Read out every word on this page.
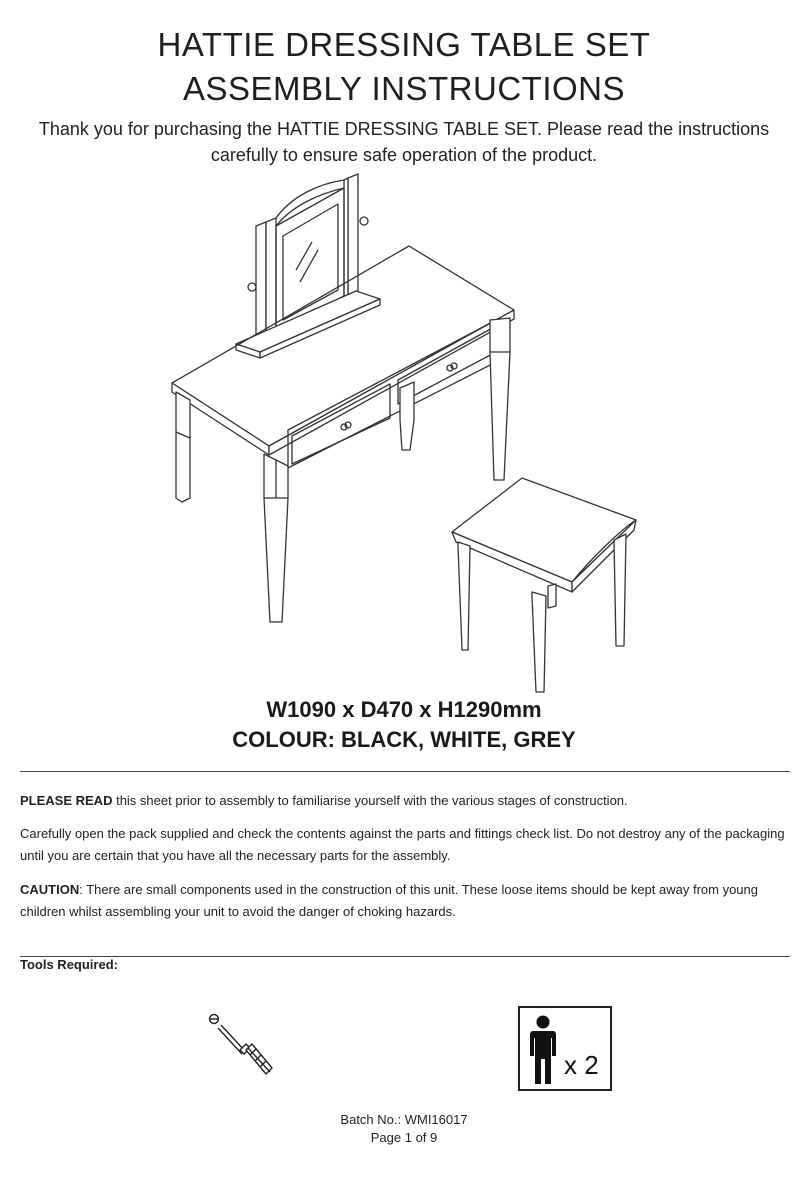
HATTIE DRESSING TABLE SET
ASSEMBLY INSTRUCTIONS
Thank you for purchasing the HATTIE DRESSING TABLE SET. Please read the instructions carefully to ensure safe operation of the product.
W1090 x D470 x H1290mm
COLOUR: BLACK, WHITE, GREY
PLEASE READ this sheet prior to assembly to familiarise yourself with the various stages of construction.
Carefully open the pack supplied and check the contents against the parts and fittings check list. Do not destroy any of the packaging until you are certain that you have all the necessary parts for the assembly.
CAUTION: There are small components used in the construction of this unit. These loose items should be kept away from young children whilst assembling your unit to avoid the danger of choking hazards.
Tools Required:
x 2
Batch No.: WMI16017
Page 1 of 9
